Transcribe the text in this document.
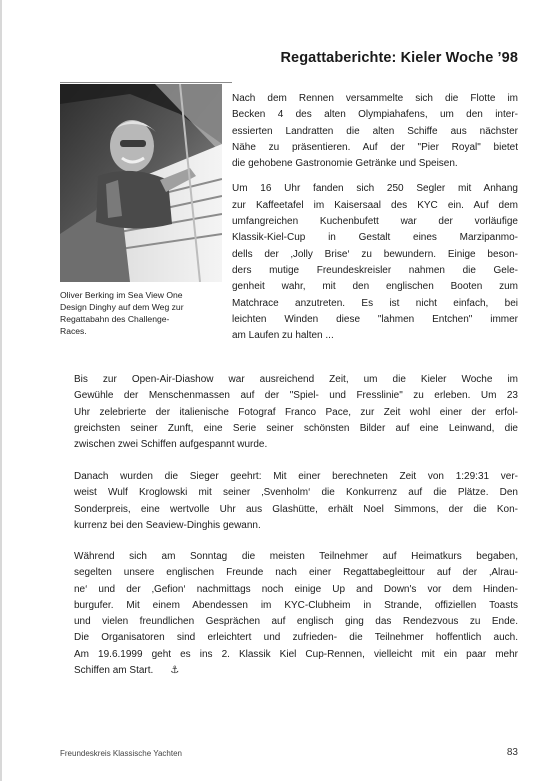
Regattaberichte: Kieler Woche ’98
Oliver Berking im Sea View One
Design Dinghy auf dem Weg zur
Regattabahn des Challenge-
Races.

Nach dem Rennen versammelte sich die Flotte im
Becken 4 des alten Olympiahafens, um den inter-
essierten Landratten die alten Schiffe aus nächster
Nähe zu präsentieren. Auf der "Pier Royal" bietet
die gehobene Gastronomie Getränke und Speisen.

Um 16 Uhr fanden sich 250 Segler mit Anhang
zur Kaffeetafel im Kaisersaal des KYC ein. Auf dem
umfangreichen Kuchenbufett war der vorläufige
Klassik-Kiel-Cup in Gestalt eines Marzipanmo-
dells der ‚Jolly Brise‘ zu bewundern. Einige beson-
ders mutige Freundeskreisler nahmen die Gele-
genheit wahr, mit den englischen Booten zum
Matchrace anzutreten. Es ist nicht einfach, bei
leichten Winden diese "lahmen Entchen" immer
am Laufen zu halten ...

Bis zur Open-Air-Diashow war ausreichend Zeit, um die Kieler Woche im
Gewühle der Menschenmassen auf der "Spiel- und Fresslinie" zu erleben. Um 23
Uhr zelebrierte der italienische Fotograf Franco Pace, zur Zeit wohl einer der erfol-
greichsten seiner Zunft, eine Serie seiner schönsten Bilder auf eine Leinwand, die
zwischen zwei Schiffen aufgespannt wurde.

Danach wurden die Sieger geehrt: Mit einer berechneten Zeit von 1:29:31 ver-
weist Wulf Kroglowski mit seiner ‚Svenholm‘ die Konkurrenz auf die Plätze. Den
Sonderpreis, eine wertvolle Uhr aus Glashütte, erhält Noel Simmons, der die Kon-
kurrenz bei den Seaview-Dinghis gewann.

Während sich am Sonntag die meisten Teilnehmer auf Heimatkurs begaben,
segelten unsere englischen Freunde nach einer Regattabegleittour auf der ‚Alrau-
ne‘ und der ‚Gefion‘ nachmittags noch einige Up and Down's vor dem Hinden-
burgufer. Mit einem Abendessen im KYC-Clubheim in Strande, offiziellen Toasts
und vielen freundlichen Gesprächen auf englisch ging das Rendezvous zu Ende.
Die Organisatoren sind erleichtert und zufrieden- die Teilnehmer hoffentlich auch.
Am 19.6.1999 geht es ins 2. Klassik Kiel Cup-Rennen, vielleicht mit ein paar mehr
Schiffen am Start. ⚓

Freundeskreis Klassische Yachten	83
